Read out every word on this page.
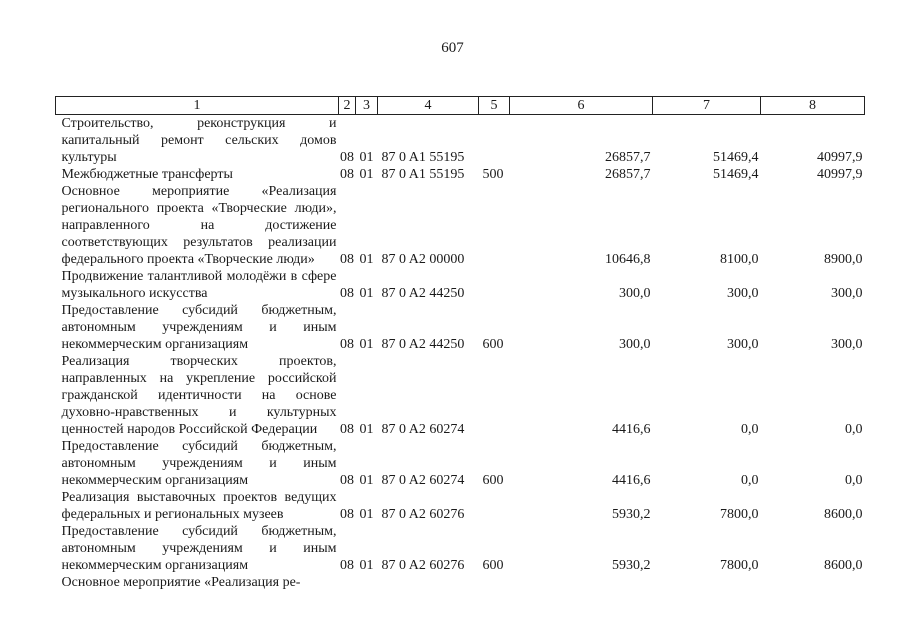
607
1	2	3	4	5	6	7	8
Строительство, реконструкция и капитальный ремонт сельских домов культуры	08	01	87 0 A1 55195		26857,7	51469,4	40997,9
Межбюджетные трансферты	08	01	87 0 A1 55195	500	26857,7	51469,4	40997,9
Основное мероприятие «Реализация регионального проекта «Творческие люди», направленного на достижение соответствующих результатов реализации федерального проекта «Творческие люди»	08	01	87 0 A2 00000		10646,8	8100,0	8900,0
Продвижение талантливой молодёжи в сфере музыкального искусства	08	01	87 0 A2 44250		300,0	300,0	300,0
Предоставление субсидий бюджетным, автономным учреждениям и иным некоммерческим организациям	08	01	87 0 A2 44250	600	300,0	300,0	300,0
Реализация творческих проектов, направленных на укрепление российской гражданской идентичности на основе духовно-нравственных и культурных ценностей народов Российской Федерации	08	01	87 0 A2 60274		4416,6	0,0	0,0
Предоставление субсидий бюджетным, автономным учреждениям и иным некоммерческим организациям	08	01	87 0 A2 60274	600	4416,6	0,0	0,0
Реализация выставочных проектов ведущих федеральных и региональных музеев	08	01	87 0 A2 60276		5930,2	7800,0	8600,0
Предоставление субсидий бюджетным, автономным учреждениям и иным некоммерческим организациям	08	01	87 0 A2 60276	600	5930,2	7800,0	8600,0
Основное мероприятие «Реализация ре-							
